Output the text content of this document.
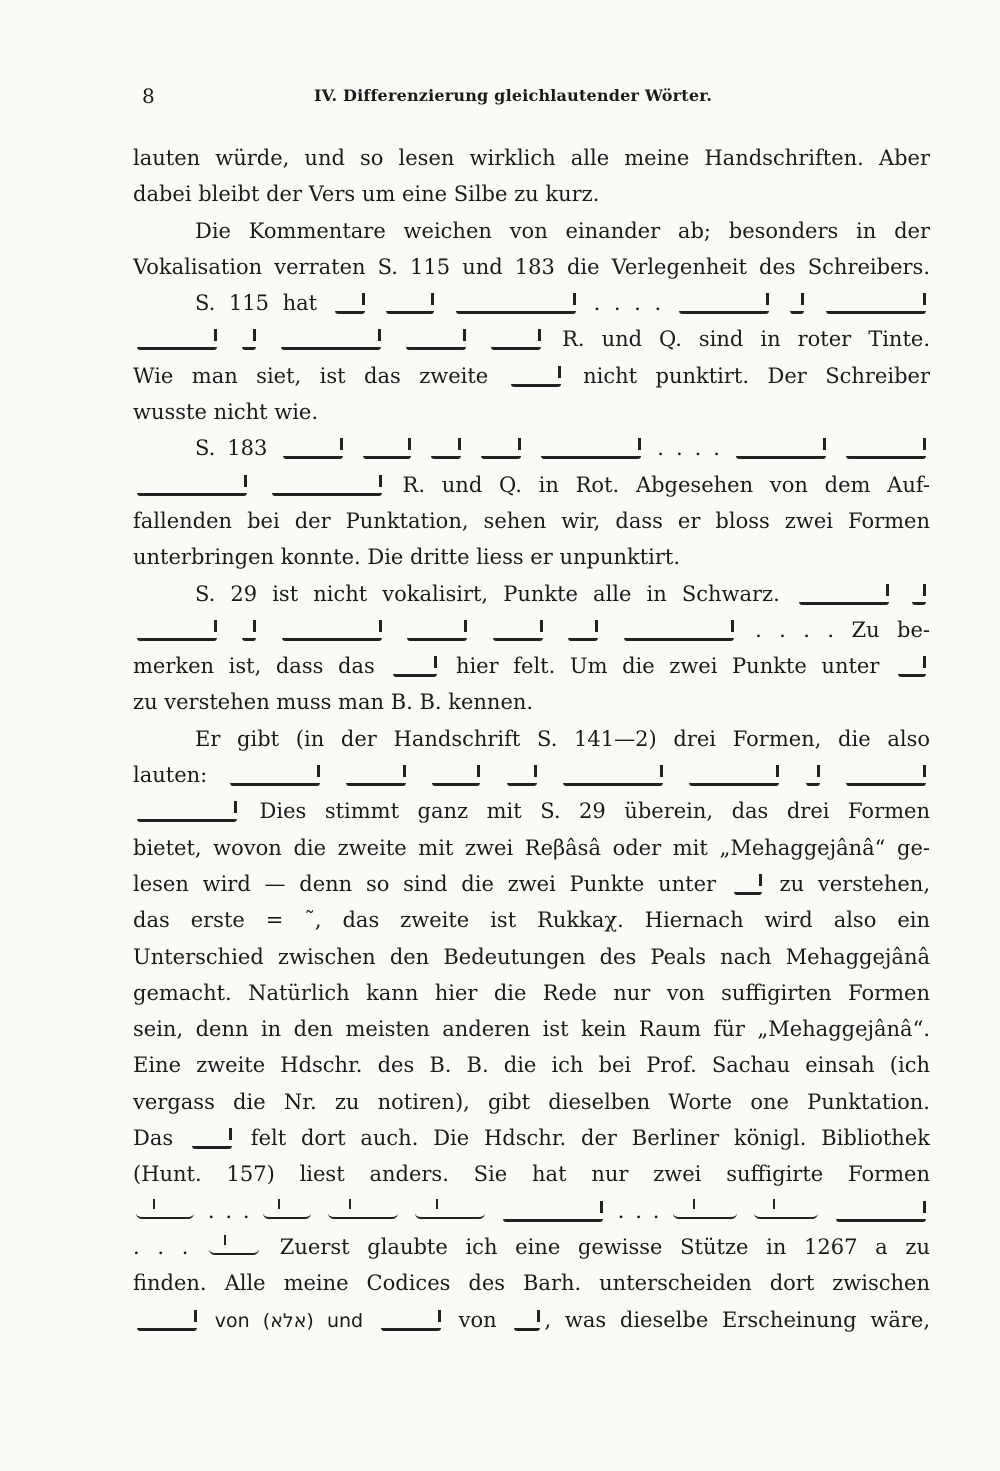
8	IV. Differenzierung gleichlautender Wörter.
lauten würde, und so lesen wirklich alle meine Handschriften. Aber
dabei bleibt der Vers um eine Silbe zu kurz.
Die Kommentare weichen von einander ab; besonders in der
Vokalisation verraten S. 115 und 183 die Verlegenheit des Schreibers.
S. 115 hat	. . . .
R. und Q. sind in roter Tinte.
Wie man siet, ist das zweite	nicht punktirt. Der Schreiber
wusste nicht wie.
S. 183	. . . .
R. und Q. in Rot. Abgesehen von dem Auf-
fallenden bei der Punktation, sehen wir, dass er bloss zwei Formen
unterbringen konnte. Die dritte liess er unpunktirt.
S. 29 ist nicht vokalisirt, Punkte alle in Schwarz.
. . . . Zu be-
merken ist, dass das	hier felt. Um die zwei Punkte unter
zu verstehen muss man B. B. kennen.
Er gibt (in der Handschrift S. 141—2) drei Formen, die also
lauten:
Dies stimmt ganz mit S. 29 überein, das drei Formen
bietet, wovon die zweite mit zwei Reβâsâ oder mit „Mehaggejânâ“ ge-
lesen wird — denn so sind die zwei Punkte unter	zu verstehen,
das erste = ˜, das zweite ist Rukkaχ. Hiernach wird also ein
Unterschied zwischen den Bedeutungen des Peals nach Mehaggejânâ
gemacht. Natürlich kann hier die Rede nur von suffigirten Formen
sein, denn in den meisten anderen ist kein Raum für „Mehaggejânâ“.
Eine zweite Hdschr. des B. B. die ich bei Prof. Sachau einsah (ich
vergass die Nr. zu notiren), gibt dieselben Worte one Punktation.
Das	felt dort auch. Die Hdschr. der Berliner königl. Bibliothek
(Hunt. 157) liest anders. Sie hat nur zwei suffigirte Formen
. . .	. . .
. . .	Zuerst glaubte ich eine gewisse Stütze in 1267 a zu
finden. Alle meine Codices des Barh. unterscheiden dort zwischen
von (אלא) und	von , was dieselbe Erscheinung wäre,
